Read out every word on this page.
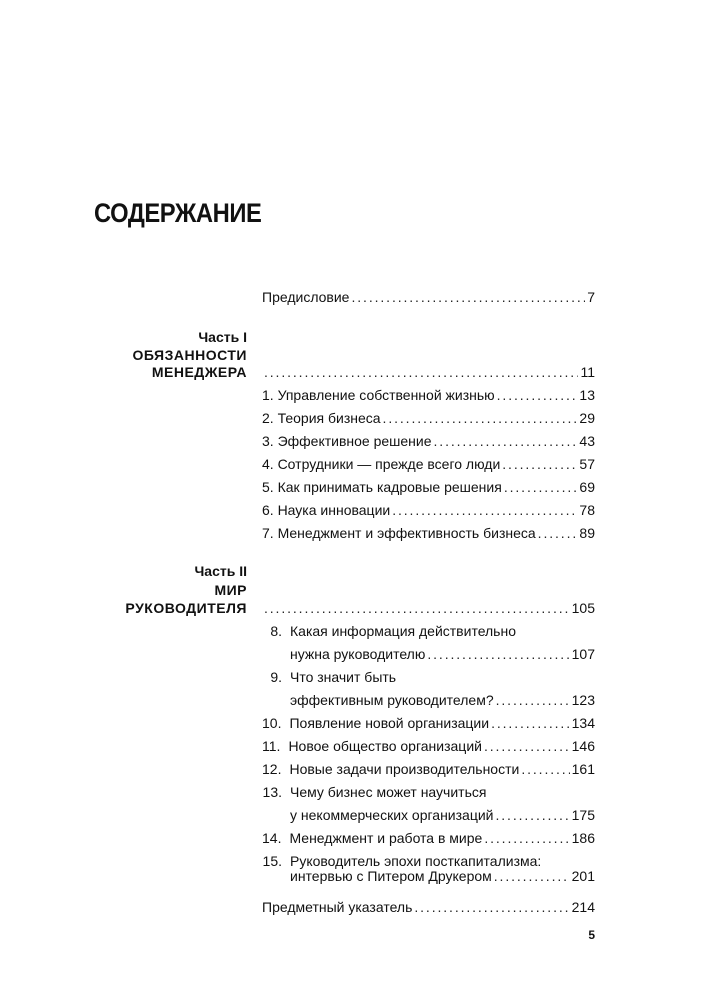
СОДЕРЖАНИЕ
Предисловие . . .	7
Часть I
ОБЯЗАННОСТИ
МЕНЕДЖЕРА . . .	11
1. Управление собственной жизнью . . .	13
2. Теория бизнеса . . .	29
3. Эффективное решение . . .	43
4. Сотрудники — прежде всего люди . . .	57
5. Как принимать кадровые решения . . .	69
6. Наука инновации . . .	78
7. Менеджмент и эффективность бизнеса . . .	89
Часть II
МИР
РУКОВОДИТЕЛЯ . . .	105
8. Какая информация действительно
нужна руководителю . . .	107
9. Что значит быть
эффективным руководителем? . . .	123
10. Появление новой организации . . .	134
11. Новое общество организаций . . .	146
12. Новые задачи производительности . . .	161
13. Чему бизнес может научиться
у некоммерческих организаций . . .	175
14. Менеджмент и работа в мире . . .	186
15. Руководитель эпохи посткапитализма:
интервью с Питером Друкером . . .	201
Предметный указатель . . .	214
5
